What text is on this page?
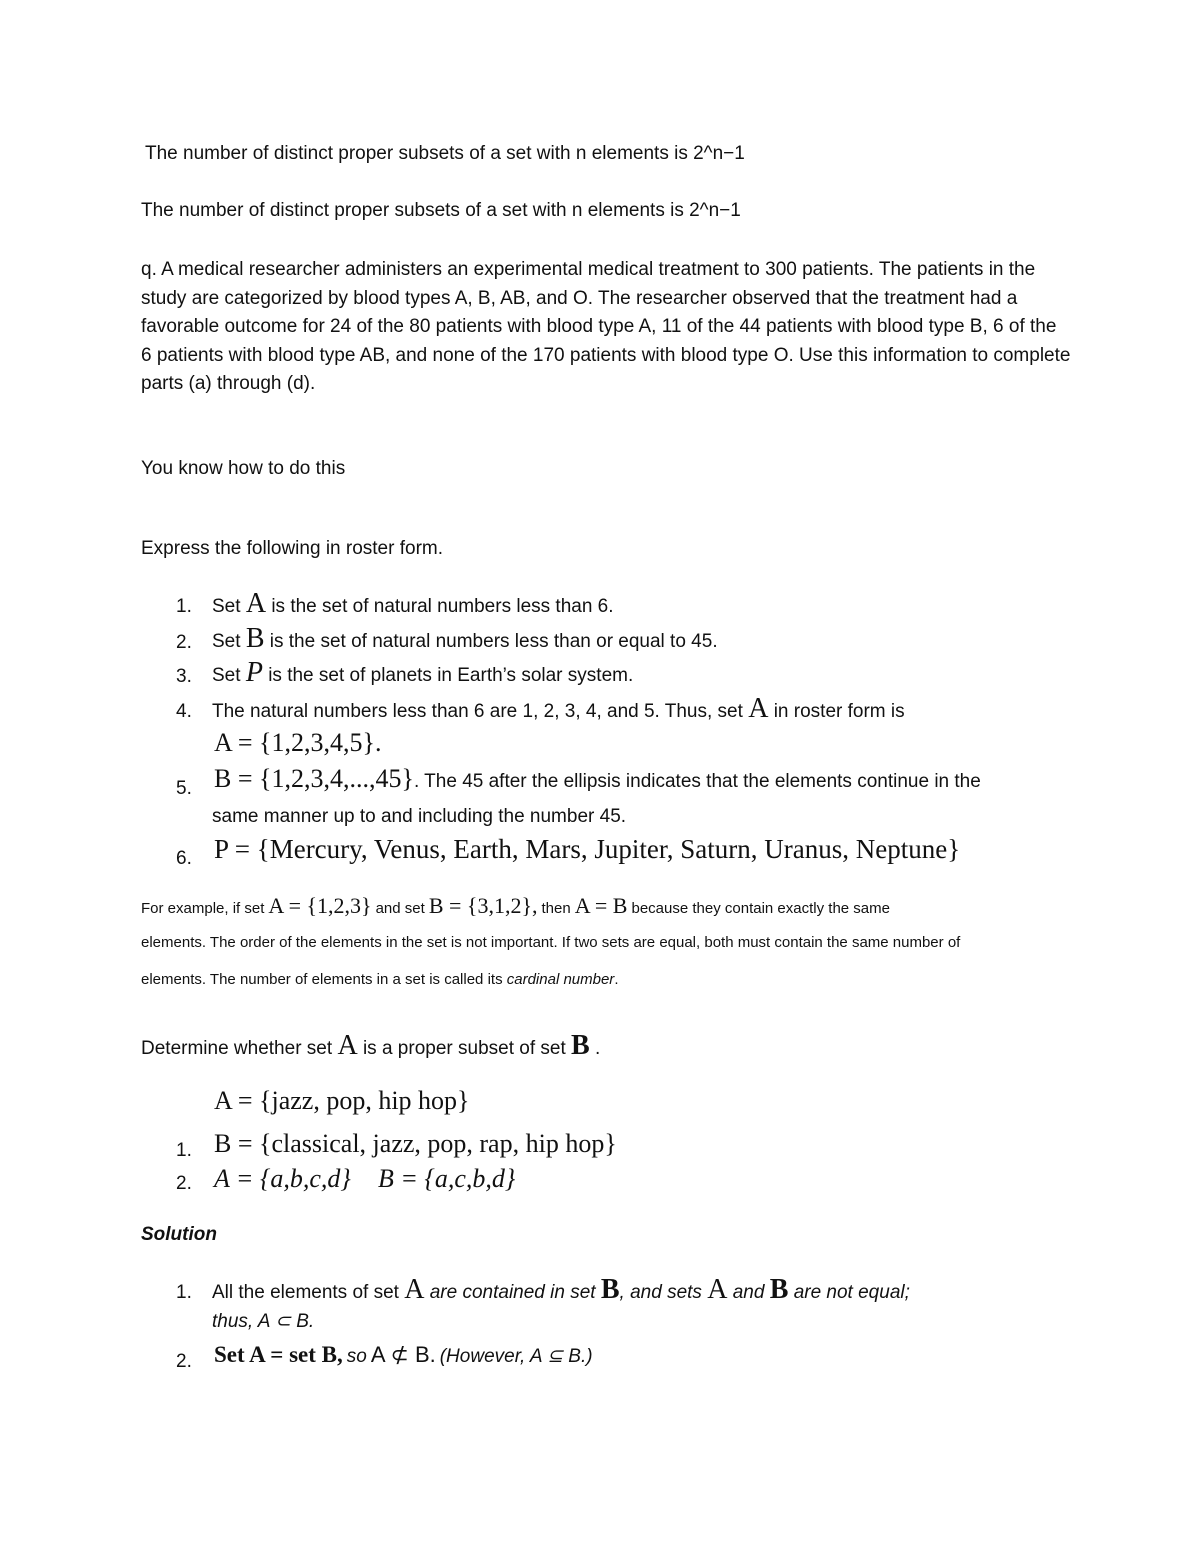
The number of distinct proper subsets of a set with n elements is 2^n−1
The number of distinct proper subsets of a set with n elements is 2^n−1
q. A medical researcher administers an experimental medical treatment to 300 patients. The patients in the study are categorized by blood types A, B, AB, and O. The researcher observed that the treatment had a favorable outcome for 24 of the 80 patients with blood type A, 11 of the 44 patients with blood type B, 6 of the 6 patients with blood type AB, and none of the 170 patients with blood type O. Use this information to complete parts (a) through (d).
You know how to do this
Express the following in roster form.
1. Set A is the set of natural numbers less than 6.
2. Set B is the set of natural numbers less than or equal to 45.
3. Set P is the set of planets in Earth’s solar system.
4. The natural numbers less than 6 are 1, 2, 3, 4, and 5. Thus, set A in roster form is
A = {1,2,3,4,5}.
5. B = {1,2,3,4,...,45}. The 45 after the ellipsis indicates that the elements continue in the
same manner up to and including the number 45.
6. P = {Mercury, Venus, Earth, Mars, Jupiter, Saturn, Uranus, Neptune}
For example, if set A = {1,2,3} and set B = {3,1,2}, then A = B because they contain exactly the same
elements. The order of the elements in the set is not important. If two sets are equal, both must contain the same number of
elements. The number of elements in a set is called its cardinal number.
Determine whether set A is a proper subset of set B .
A = {jazz, pop, hip hop}
1. B = {classical, jazz, pop, rap, hip hop}
2. A = {a,b,c,d} B = {a,c,b,d}
Solution
1. All the elements of set A are contained in set B, and sets A and B are not equal;
thus, A ⊂ B.
2. Set A = set B, so A ⊄ B. (However, A ⊆ B.)
